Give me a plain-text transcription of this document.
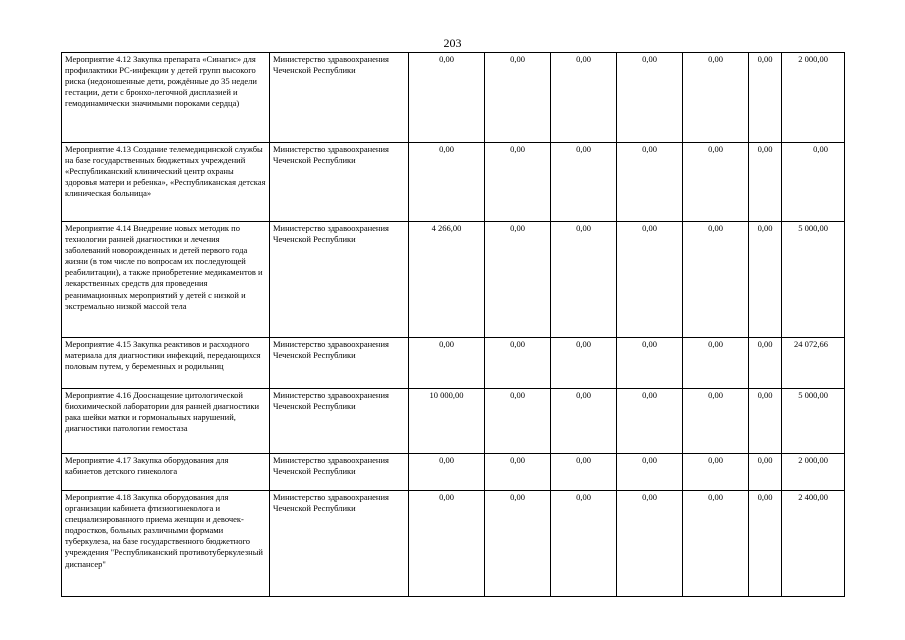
203
Мероприятие 4.12 Закупка препарата «Синагис» для профилактики РС-инфекции у детей групп высокого риска (недоношенные дети, рождённые до 35 недели гестации, дети с бронхо-легочной дисплазией и гемодинамически значимыми пороками сердца)	Министерство здравоохранения Чеченской Республики	0,00	0,00	0,00	0,00	0,00	0,00	2 000,00
Мероприятие 4.13 Создание телемедицинской службы на базе государственных бюджетных учреждений «Республиканский клинический центр охраны здоровья матери и ребенка», «Республиканская детская клиническая больница»	Министерство здравоохранения Чеченской Республики	0,00	0,00	0,00	0,00	0,00	0,00	0,00
Мероприятие 4.14 Внедрение новых методик по технологии ранней диагностики и лечения заболеваний новорожденных и детей первого года жизни (в том числе по вопросам их последующей реабилитации), а также приобретение медикаментов и лекарственных средств для проведения реанимационных мероприятий у детей с низкой и экстремально низкой массой тела	Министерство здравоохранения Чеченской Республики	4 266,00	0,00	0,00	0,00	0,00	0,00	5 000,00
Мероприятие 4.15 Закупка реактивов и расходного материала для диагностики инфекций, передающихся половым путем, у беременных и родильниц	Министерство здравоохранения Чеченской Республики	0,00	0,00	0,00	0,00	0,00	0,00	24 072,66
Мероприятие 4.16 Дооснащение цитологической биохимической лаборатории для ранней диагностики рака шейки матки и гормональных нарушений, диагностики патологии гемостаза	Министерство здравоохранения Чеченской Республики	10 000,00	0,00	0,00	0,00	0,00	0,00	5 000,00
Мероприятие 4.17 Закупка оборудования для кабинетов детского гинеколога	Министерство здравоохранения Чеченской Республики	0,00	0,00	0,00	0,00	0,00	0,00	2 000,00
Мероприятие 4.18 Закупка оборудования для организации кабинета фтизиогинеколога и специализированного приема женщин и девочек-подростков, больных различными формами туберкулеза, на базе государственного бюджетного учреждения "Республиканский противотуберкулезный диспансер"	Министерство здравоохранения Чеченской Республики	0,00	0,00	0,00	0,00	0,00	0,00	2 400,00
